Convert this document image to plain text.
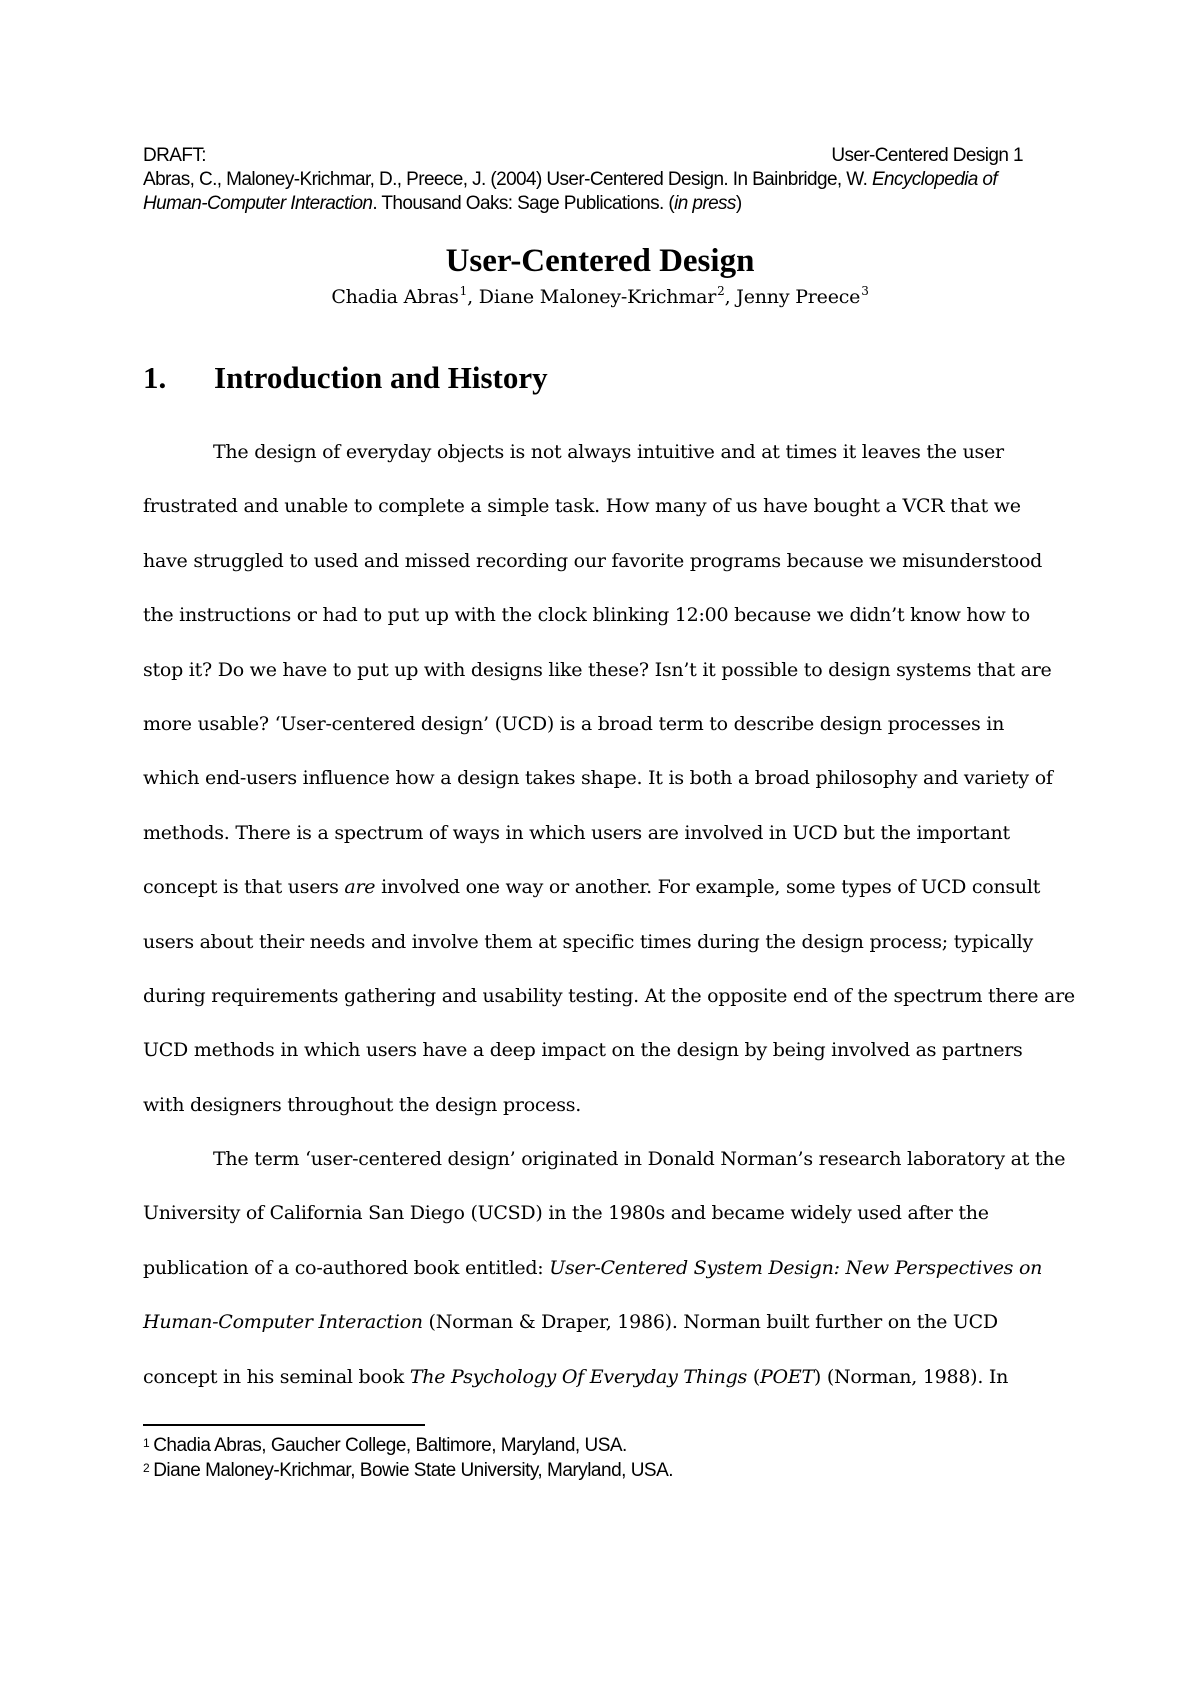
DRAFT:	User-Centered Design 1
Abras, C., Maloney-Krichmar, D., Preece, J. (2004) User-Centered Design. In Bainbridge, W. Encyclopedia of
Human-Computer Interaction. Thousand Oaks: Sage Publications. (in press)
User-Centered Design
Chadia Abras$^1$, Diane Maloney-Krichmar$^2$, Jenny Preece$^3$
1. Introduction and History
The design of everyday objects is not always intuitive and at times it leaves the user
frustrated and unable to complete a simple task. How many of us have bought a VCR that we
have struggled to used and missed recording our favorite programs because we misunderstood
the instructions or had to put up with the clock blinking 12:00 because we didn’t know how to
stop it? Do we have to put up with designs like these? Isn’t it possible to design systems that are
more usable? ‘User-centered design’ (UCD) is a broad term to describe design processes in
which end-users influence how a design takes shape. It is both a broad philosophy and variety of
methods. There is a spectrum of ways in which users are involved in UCD but the important
concept is that users are involved one way or another. For example, some types of UCD consult
users about their needs and involve them at specific times during the design process; typically
during requirements gathering and usability testing. At the opposite end of the spectrum there are
UCD methods in which users have a deep impact on the design by being involved as partners
with designers throughout the design process.
The term ‘user-centered design’ originated in Donald Norman’s research laboratory at the
University of California San Diego (UCSD) in the 1980s and became widely used after the
publication of a co-authored book entitled: User-Centered System Design: New Perspectives on
Human-Computer Interaction (Norman & Draper, 1986). Norman built further on the UCD
concept in his seminal book The Psychology Of Everyday Things (POET) (Norman, 1988). In
$^1$ Chadia Abras, Gaucher College, Baltimore, Maryland, USA.
$^2$ Diane Maloney-Krichmar, Bowie State University, Maryland, USA.
